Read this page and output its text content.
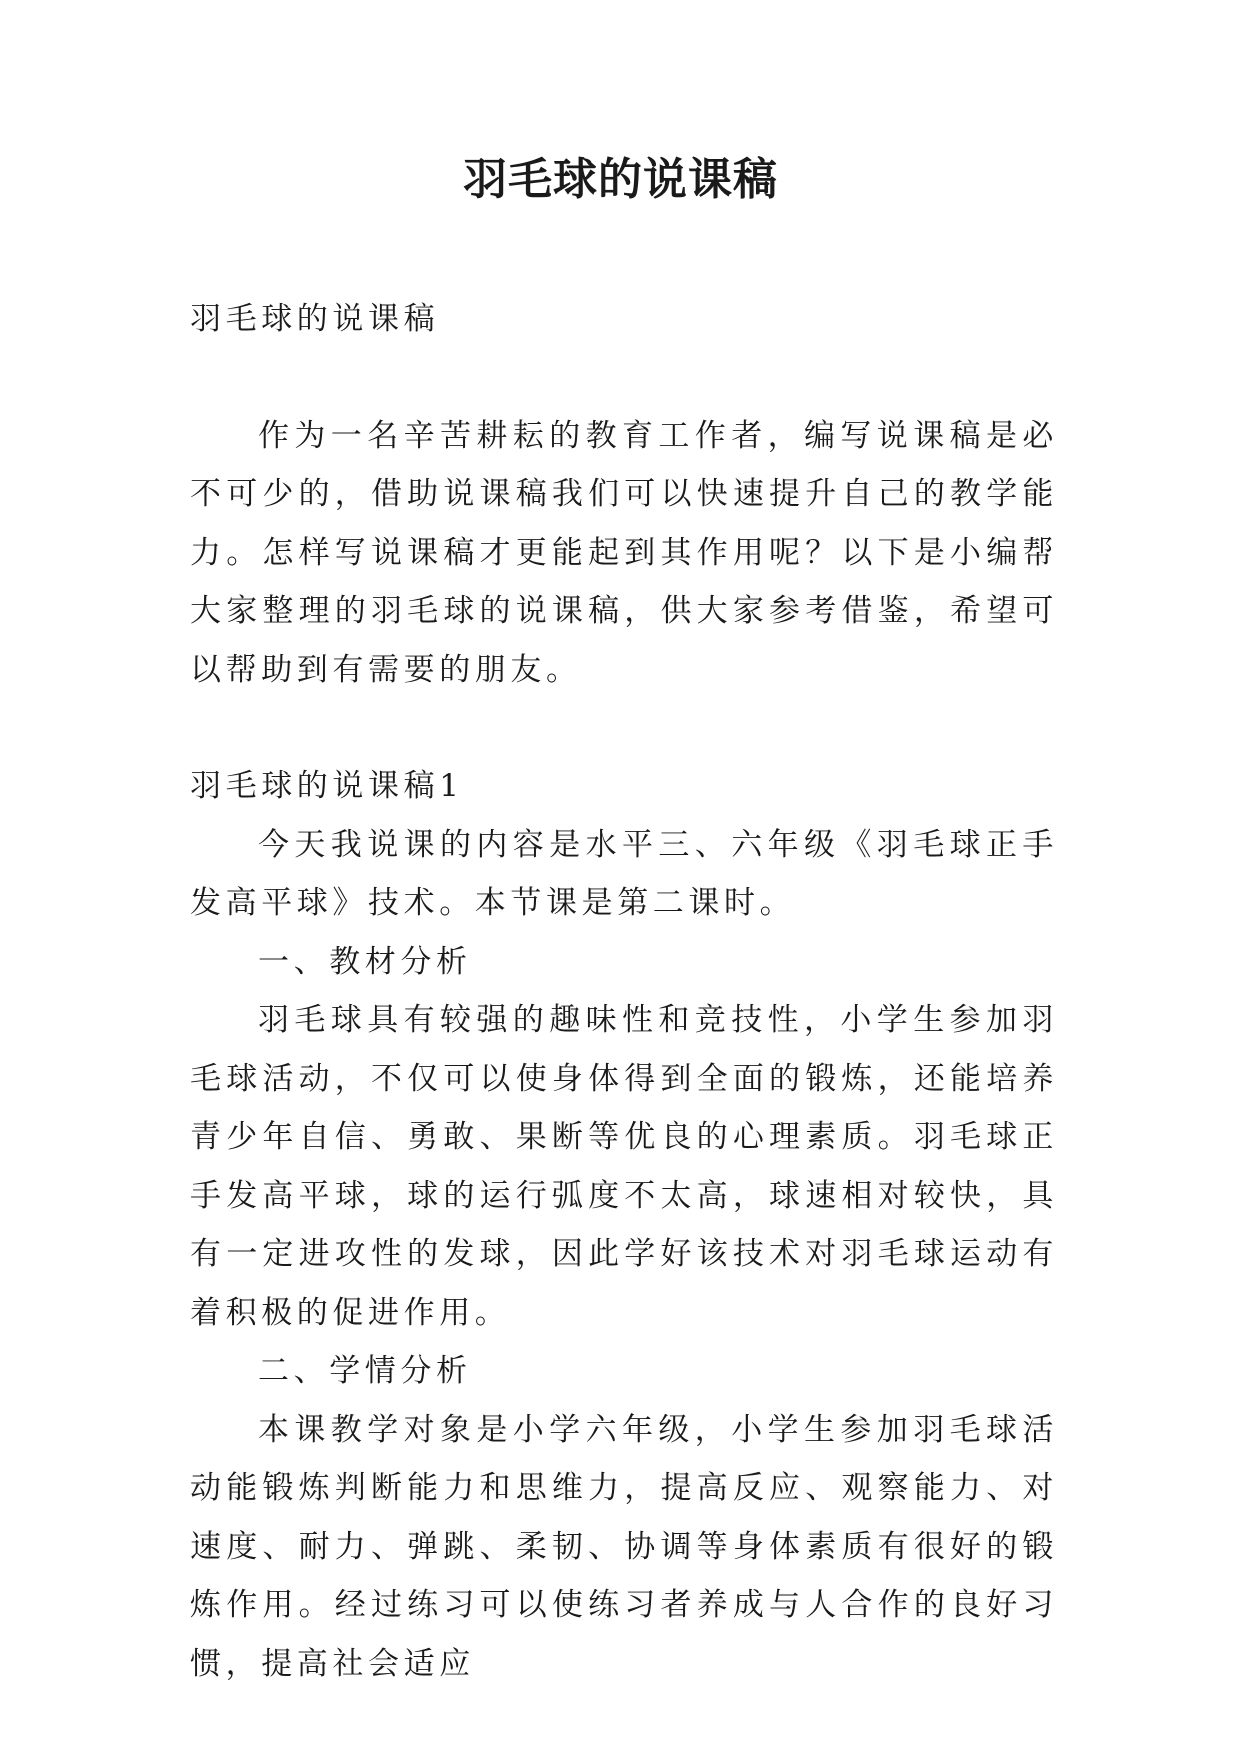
羽毛球的说课稿

羽毛球的说课稿

作为一名辛苦耕耘的教育工作者，编写说课稿是必不可少的，借助说课稿我们可以快速提升自己的教学能力。怎样写说课稿才更能起到其作用呢？以下是小编帮大家整理的羽毛球的说课稿，供大家参考借鉴，希望可以帮助到有需要的朋友。

羽毛球的说课稿1

今天我说课的内容是水平三、六年级《羽毛球正手发高平球》技术。本节课是第二课时。

一、教材分析

羽毛球具有较强的趣味性和竞技性，小学生参加羽毛球活动，不仅可以使身体得到全面的锻炼，还能培养青少年自信、勇敢、果断等优良的心理素质。羽毛球正手发高平球，球的运行弧度不太高，球速相对较快，具有一定进攻性的发球，因此学好该技术对羽毛球运动有着积极的促进作用。

二、学情分析

本课教学对象是小学六年级，小学生参加羽毛球活动能锻炼判断能力和思维力，提高反应、观察能力、对速度、耐力、弹跳、柔韧、协调等身体素质有很好的锻炼作用。经过练习可以使练习者养成与人合作的良好习惯，提高社会适应
